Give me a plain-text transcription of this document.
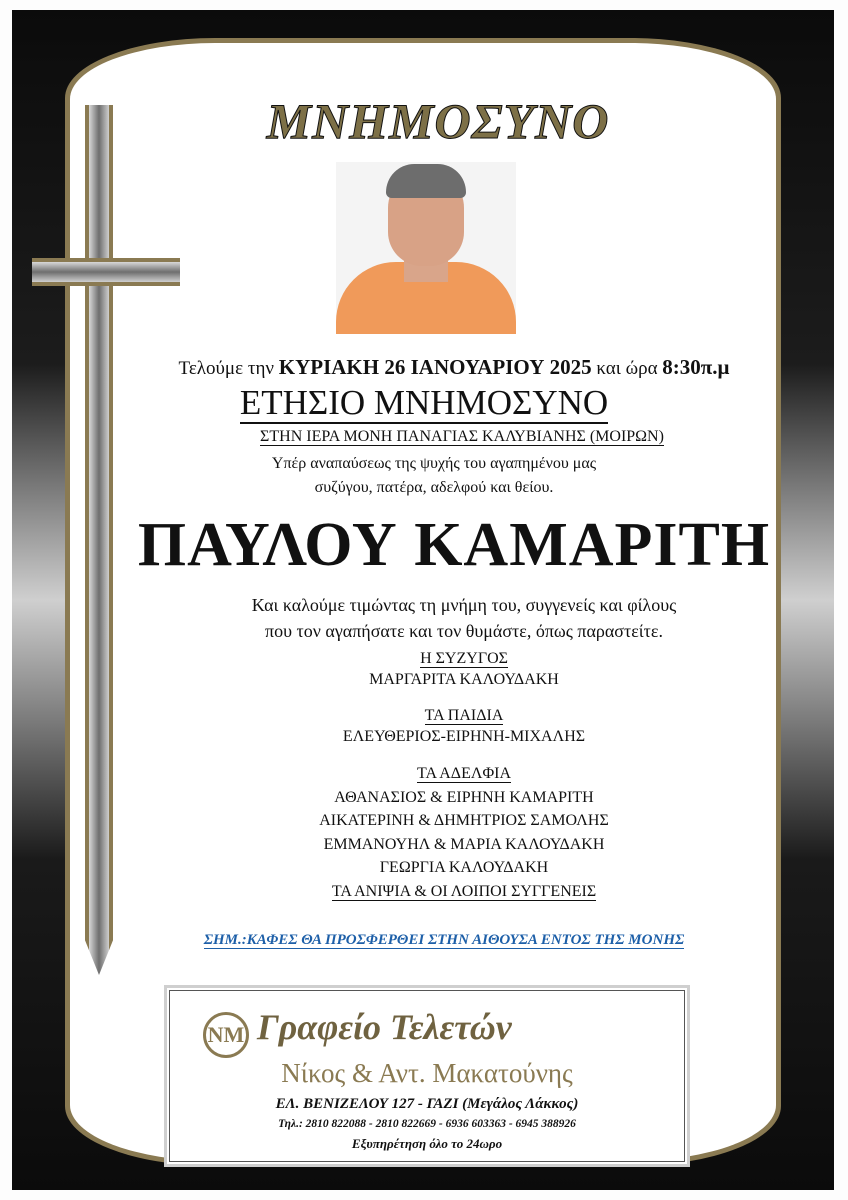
ΜΝΗΜΟΣΥΝΟ
Τελούμε την ΚΥΡΙΑΚΗ 26 ΙΑΝΟΥΑΡΙΟΥ 2025 και ώρα 8:30π.μ
ΕΤΗΣΙΟ ΜΝΗΜΟΣΥΝΟ
ΣΤΗΝ ΙΕΡΑ ΜΟΝΗ ΠΑΝΑΓΙΑΣ ΚΑΛΥΒΙΑΝΗΣ (ΜΟΙΡΩΝ)
Υπέρ αναπαύσεως της ψυχής του αγαπημένου μας
συζύγου, πατέρα, αδελφού και θείου.
ΠΑΥΛΟΥ ΚΑΜΑΡΙΤΗ
Και καλούμε τιμώντας τη μνήμη του, συγγενείς και φίλους
που τον αγαπήσατε και τον θυμάστε, όπως παραστείτε.
Η ΣΥΖΥΓΟΣ
ΜΑΡΓΑΡΙΤΑ ΚΑΛΟΥΔΑΚΗ
ΤΑ ΠΑΙΔΙΑ
ΕΛΕΥΘΕΡΙΟΣ-ΕΙΡΗΝΗ-ΜΙΧΑΛΗΣ
ΤΑ ΑΔΕΛΦΙΑ
ΑΘΑΝΑΣΙΟΣ & ΕΙΡΗΝΗ ΚΑΜΑΡΙΤΗ
ΑΙΚΑΤΕΡΙΝΗ & ΔΗΜΗΤΡΙΟΣ ΣΑΜΟΛΗΣ
ΕΜΜΑΝΟΥΗΛ & ΜΑΡΙΑ ΚΑΛΟΥΔΑΚΗ
ΓΕΩΡΓΙΑ ΚΑΛΟΥΔΑΚΗ
ΤΑ ΑΝΙΨΙΑ & ΟΙ ΛΟΙΠΟΙ ΣΥΓΓΕΝΕΙΣ
ΣΗΜ.:ΚΑΦΕΣ ΘΑ ΠΡΟΣΦΕΡΘΕΙ ΣΤΗΝ ΑΙΘΟΥΣΑ ΕΝΤΟΣ ΤΗΣ ΜΟΝΗΣ
ΝΜ Γραφείο Τελετών
Νίκος & Αντ. Μακατούνης
ΕΛ. ΒΕΝΙΖΕΛΟΥ 127 - ΓΑΖΙ (Μεγάλος Λάκκος)
Τηλ.: 2810 822088 - 2810 822669 - 6936 603363 - 6945 388926
Εξυπηρέτηση όλο το 24ωρο
